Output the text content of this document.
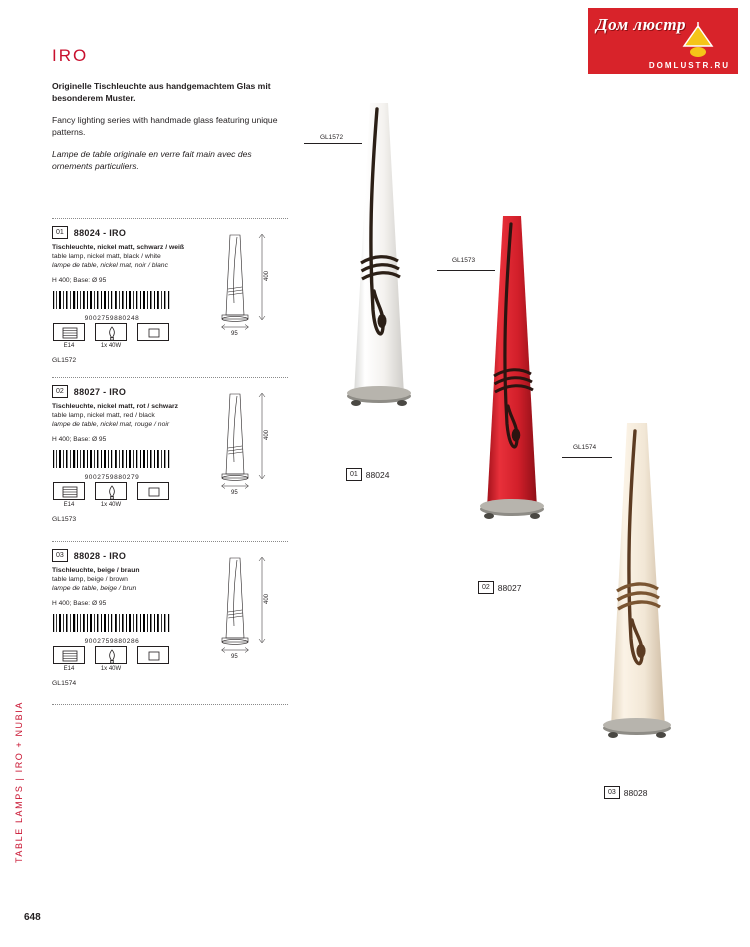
Дом люстр
DOMLUSTR.RU
IRO
Originelle Tischleuchte aus handgemachtem Glas mit besonderem Muster.
Fancy lighting series with handmade glass featuring unique patterns.
Lampe de table originale en verre fait main avec des ornements particuliers.
01	88024 - IRO
Tischleuchte, nickel matt, schwarz / weiß
table lamp, nickel matt, black / white
lampe de table, nickel mat, noir / blanc
H 400; Base: Ø 95
9002759880248
E14	1x 40W
GL1572
400
95
02	88027 - IRO
Tischleuchte, nickel matt, rot / schwarz
table lamp, nickel matt, red / black
lampe de table, nickel mat, rouge / noir
H 400; Base: Ø 95
9002759880279
E14	1x 40W
GL1573
400
95
03	88028 - IRO
Tischleuchte, beige / braun
table lamp, beige / brown
lampe de table, beige / brun
H 400; Base: Ø 95
9002759880286
E14	1x 40W
GL1574
400
95
GL1572
01 88024
GL1573
02 88027
GL1574
03 88028
TABLE LAMPS | IRO + NUBIA
648
